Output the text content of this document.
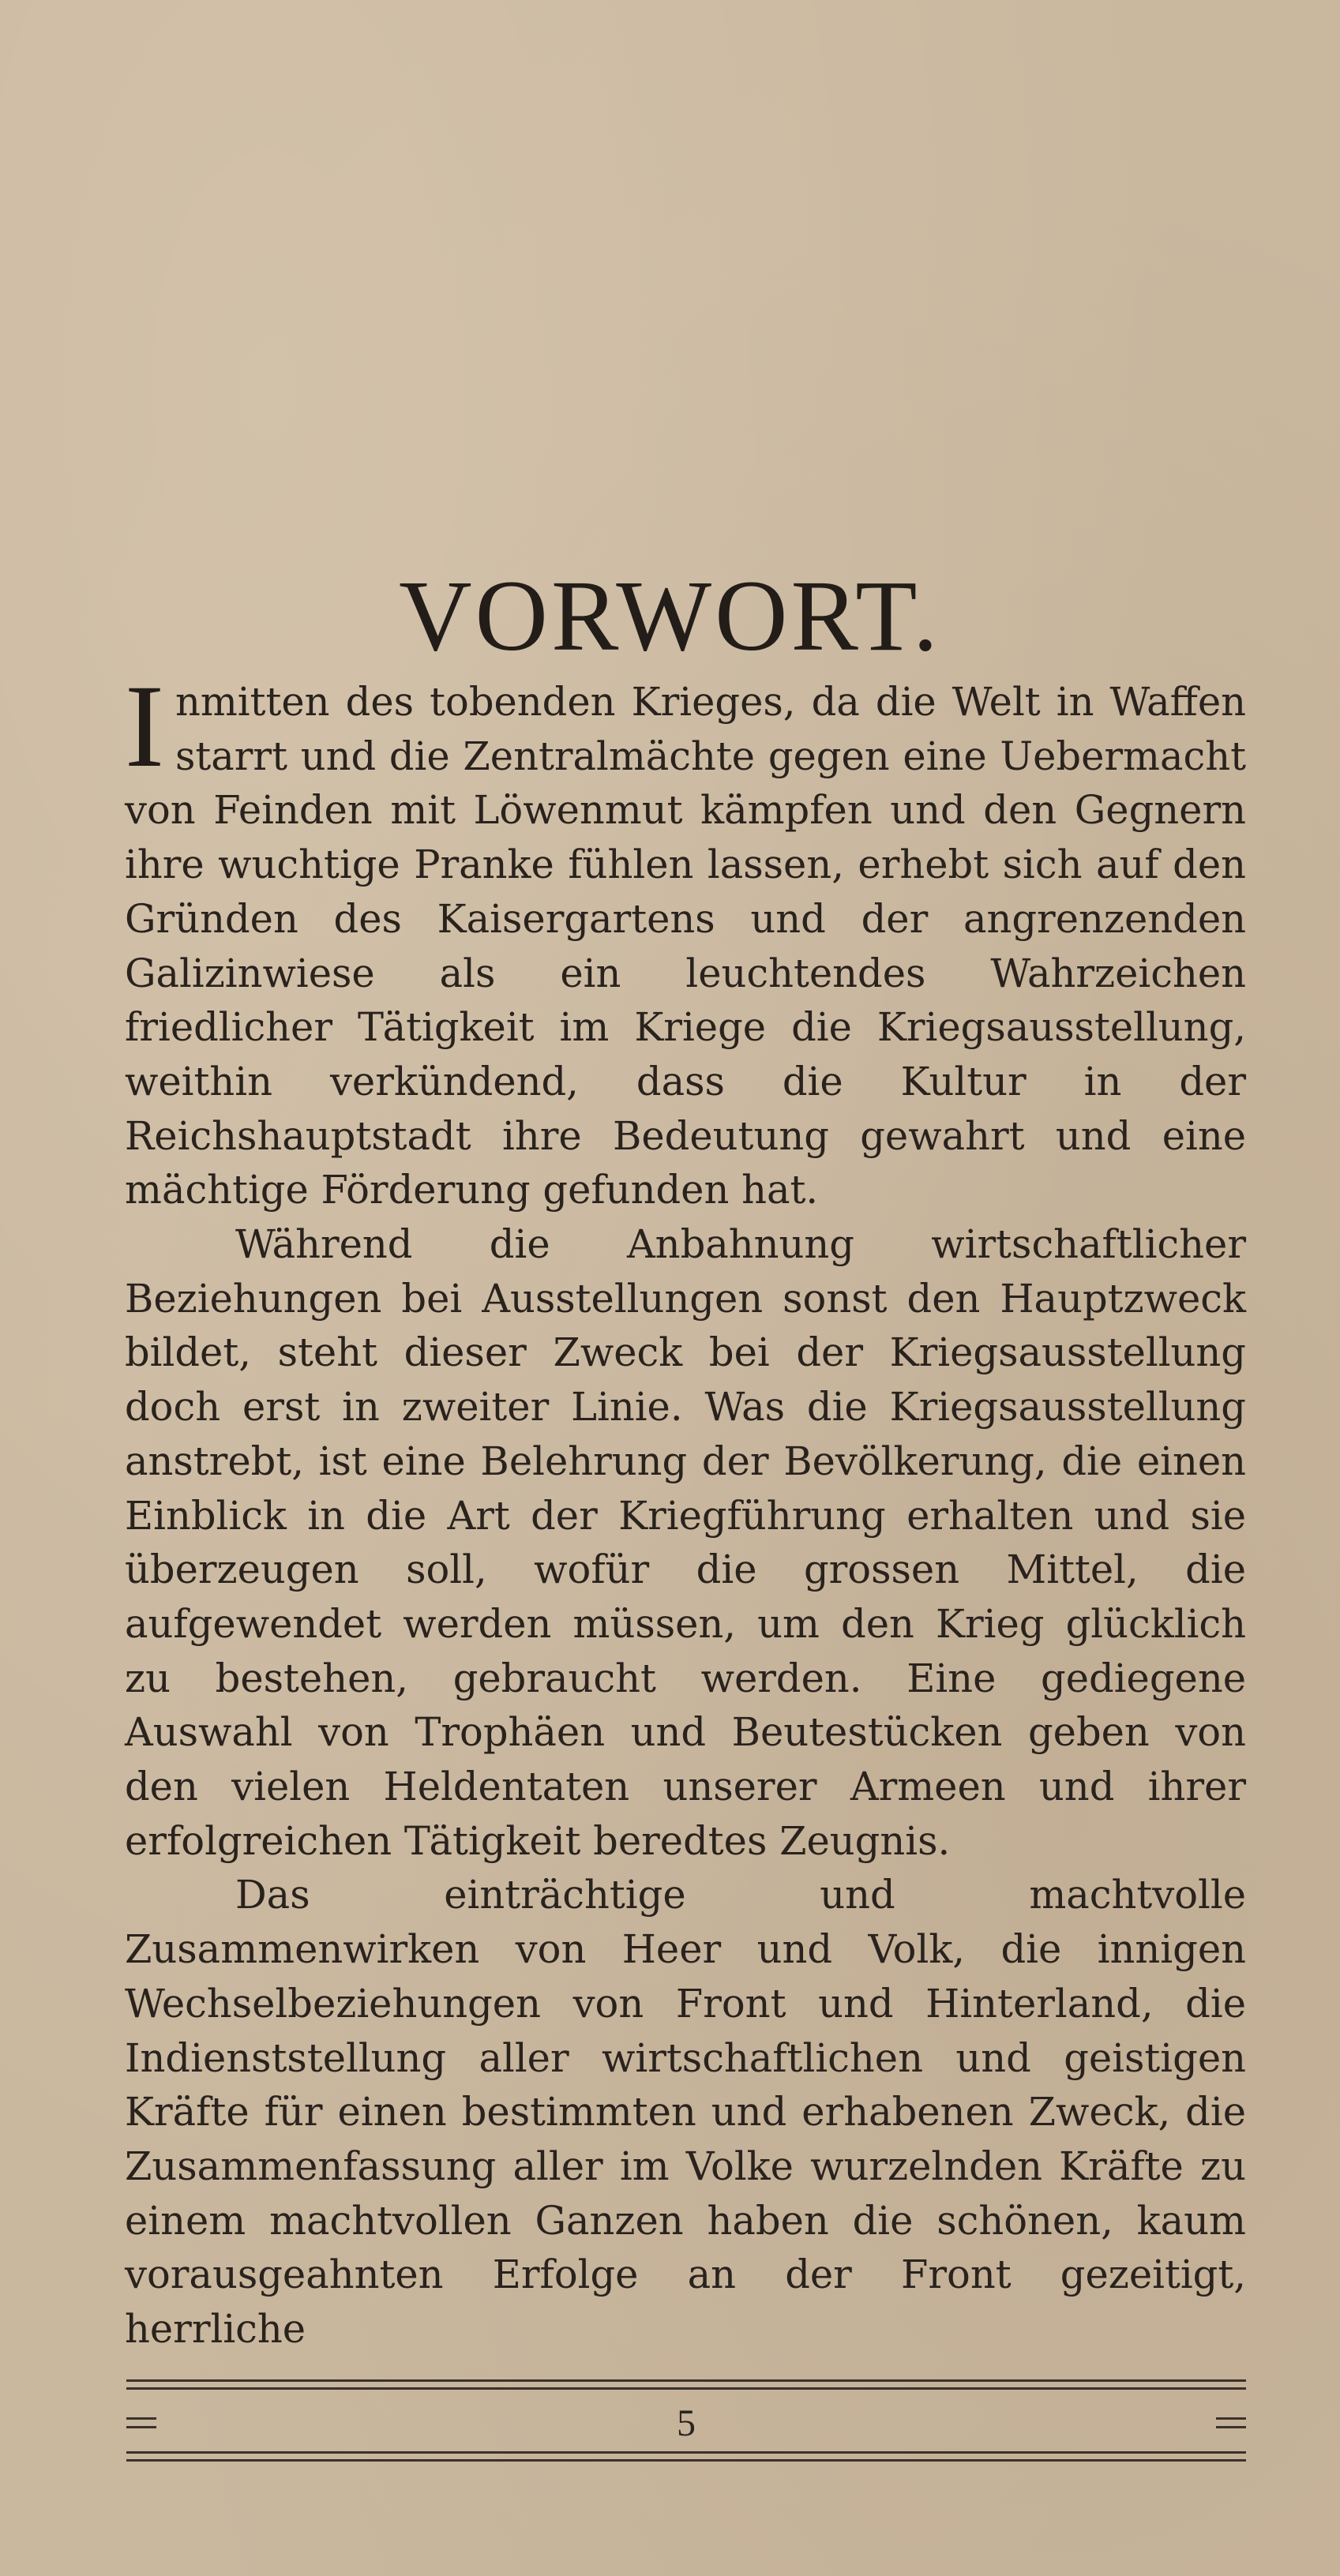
VORWORT.

Inmitten des tobenden Krieges, da die Welt in Waffen starrt und die Zentralmächte gegen eine Uebermacht von Feinden mit Löwenmut kämpfen und den Gegnern ihre wuchtige Pranke fühlen lassen, erhebt sich auf den Gründen des Kaisergartens und der angrenzenden Galizinwiese als ein leuchtendes Wahrzeichen friedlicher Tätigkeit im Kriege die Kriegsausstellung, weithin verkündend, dass die Kultur in der Reichshauptstadt ihre Bedeutung gewahrt und eine mächtige Förderung gefunden hat.

Während die Anbahnung wirtschaftlicher Beziehungen bei Ausstellungen sonst den Hauptzweck bildet, steht dieser Zweck bei der Kriegsausstellung doch erst in zweiter Linie. Was die Kriegsausstellung anstrebt, ist eine Belehrung der Bevölkerung, die einen Einblick in die Art der Kriegführung erhalten und sie überzeugen soll, wofür die grossen Mittel, die aufgewendet werden müssen, um den Krieg glücklich zu bestehen, gebraucht werden. Eine gediegene Auswahl von Trophäen und Beutestücken geben von den vielen Heldentaten unserer Armeen und ihrer erfolgreichen Tätigkeit beredtes Zeugnis.

Das einträchtige und machtvolle Zusammenwirken von Heer und Volk, die innigen Wechselbeziehungen von Front und Hinterland, die Indienststellung aller wirtschaftlichen und geistigen Kräfte für einen bestimmten und erhabenen Zweck, die Zusammenfassung aller im Volke wurzelnden Kräfte zu einem machtvollen Ganzen haben die schönen, kaum vorausgeahnten Erfolge an der Front gezeitigt, herrliche

5
